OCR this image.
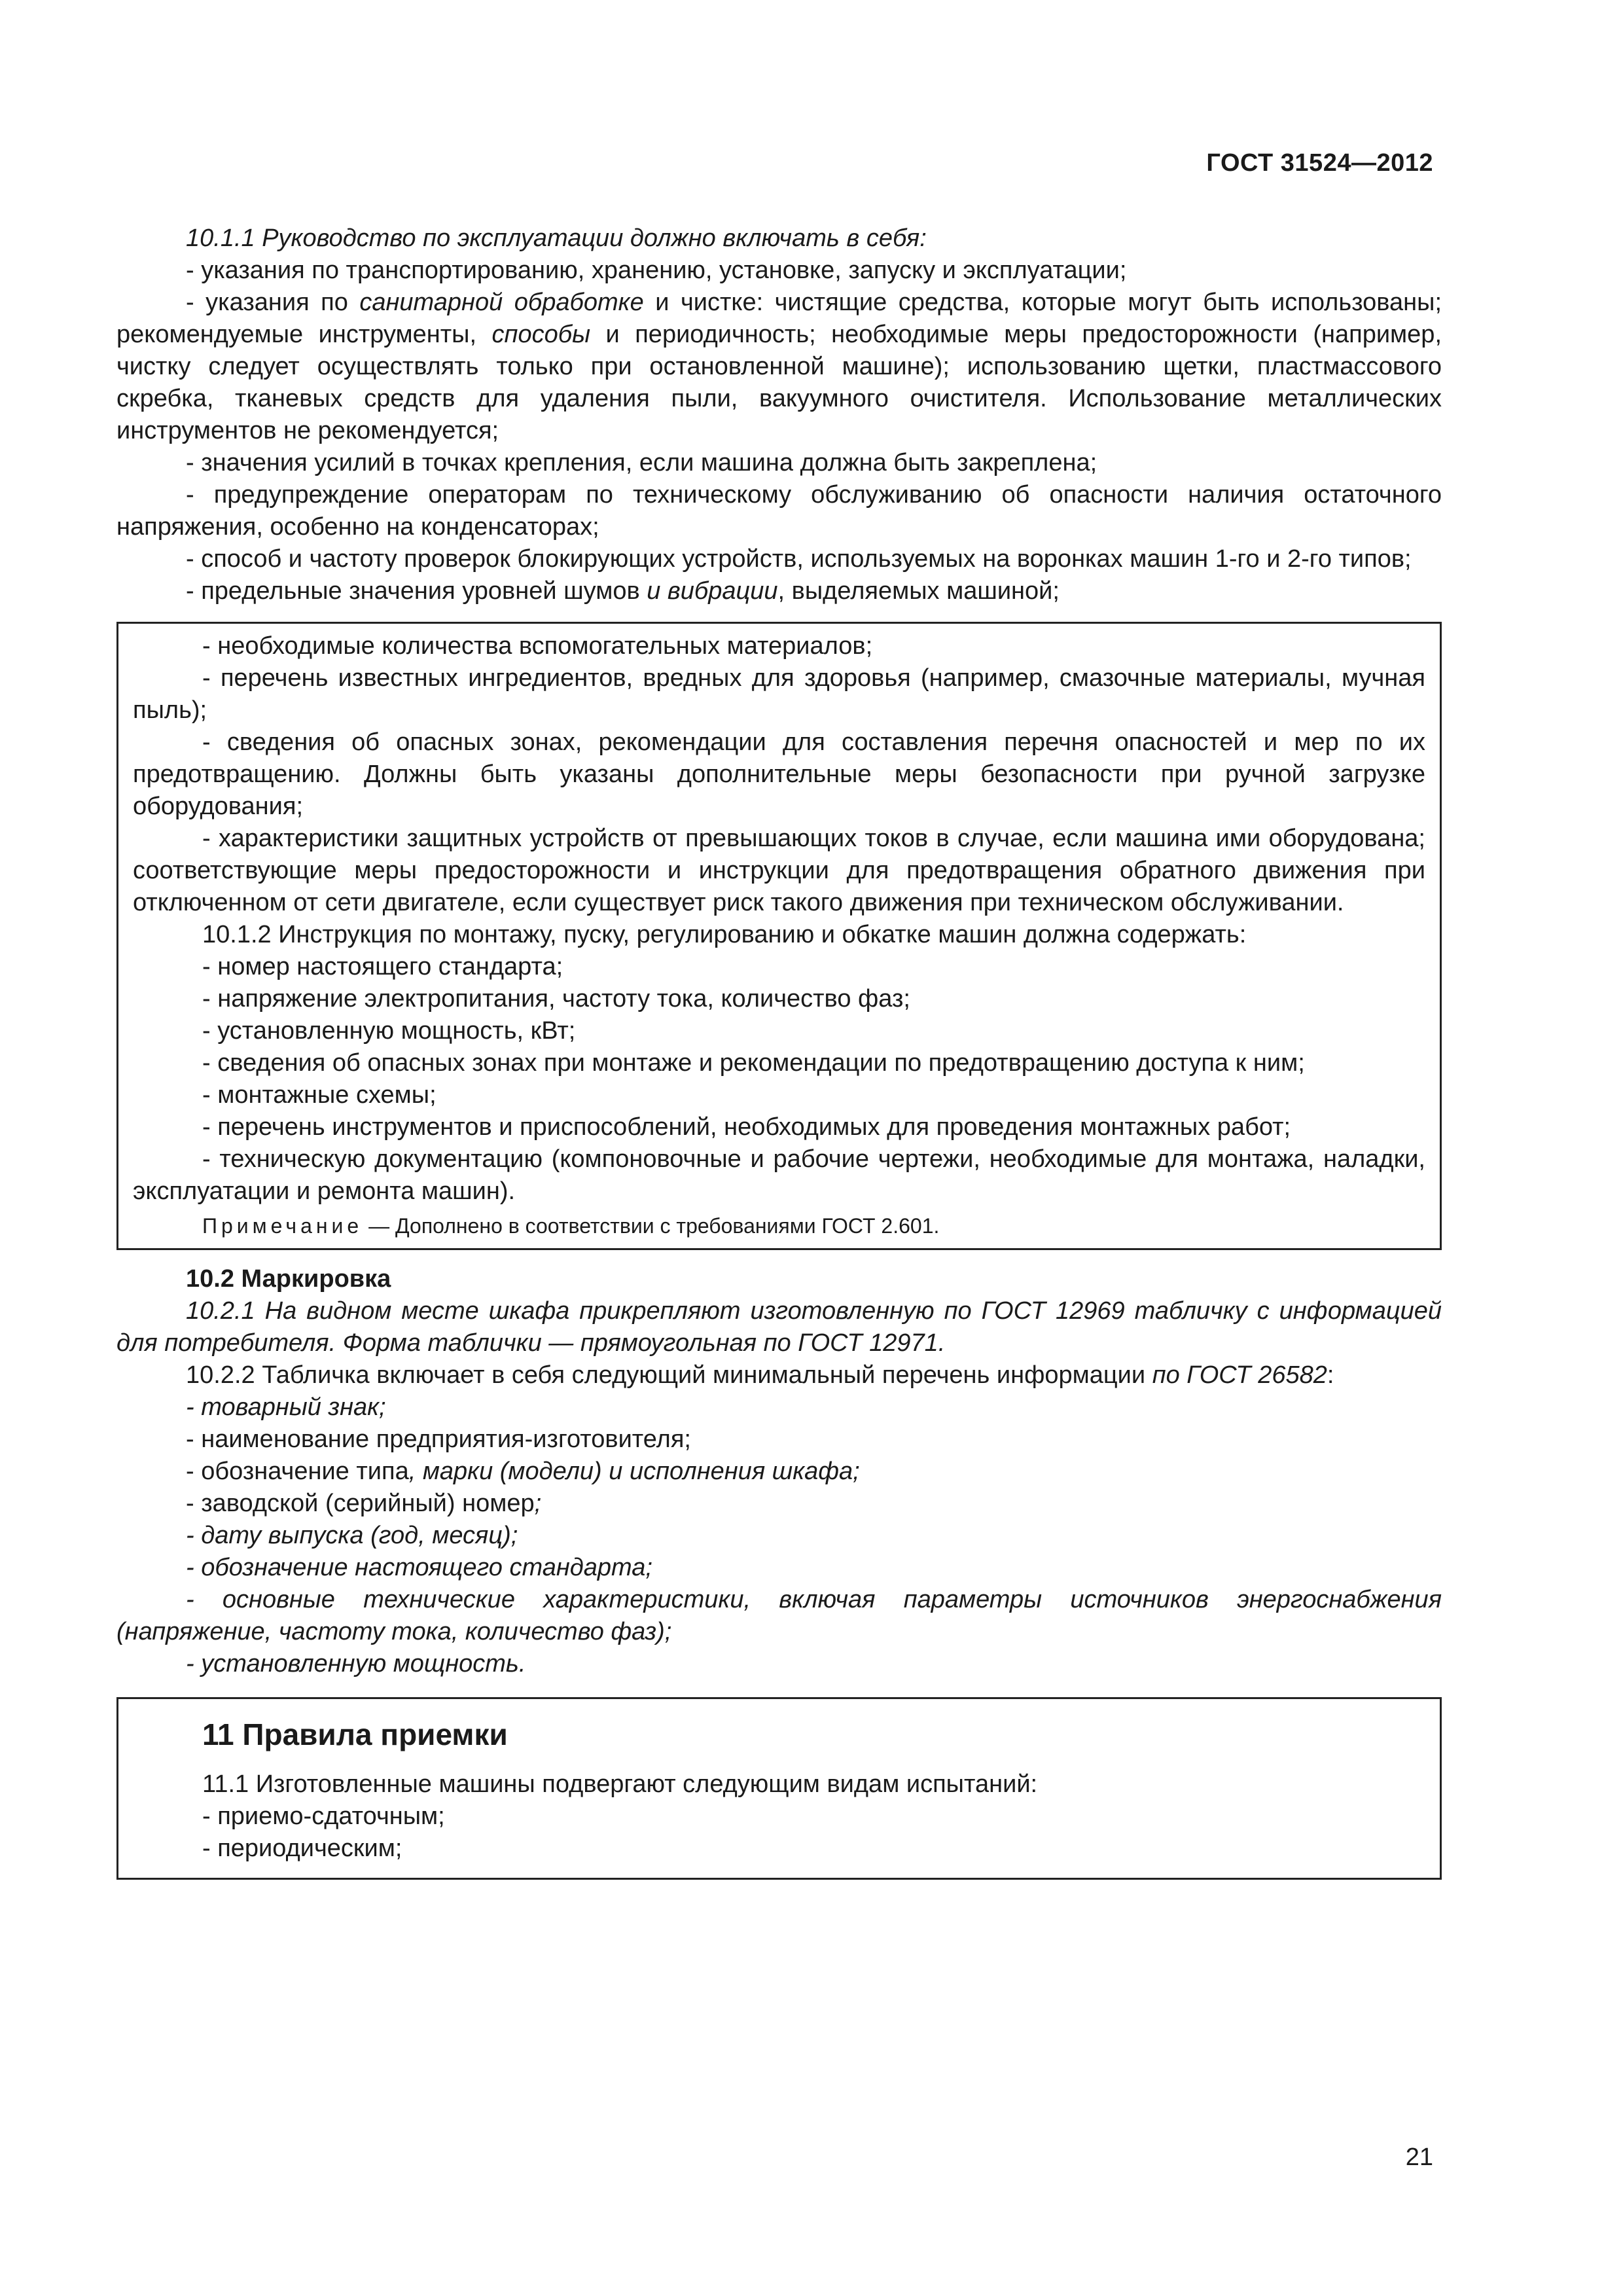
ГОСТ 31524—2012

10.1.1 Руководство по эксплуатации должно включать в себя:

- указания по транспортированию, хранению, установке, запуску и эксплуатации;

- указания по санитарной обработке и чистке: чистящие средства, которые могут быть использованы; рекомендуемые инструменты, способы и периодичность; необходимые меры предосторожности (например, чистку следует осуществлять только при остановленной машине); использованию щетки, пластмассового скребка, тканевых средств для удаления пыли, вакуумного очистителя. Использование металлических инструментов не рекомендуется;

- значения усилий в точках крепления, если машина должна быть закреплена;

- предупреждение операторам по техническому обслуживанию об опасности наличия остаточного напряжения, особенно на конденсаторах;

- способ и частоту проверок блокирующих устройств, используемых на воронках машин 1-го и 2-го типов;

- предельные значения уровней шумов и вибрации, выделяемых машиной;

- необходимые количества вспомогательных материалов;

- перечень известных ингредиентов, вредных для здоровья (например, смазочные материалы, мучная пыль);

- сведения об опасных зонах, рекомендации для составления перечня опасностей и мер по их предотвращению. Должны быть указаны дополнительные меры безопасности при ручной загрузке оборудования;

- характеристики защитных устройств от превышающих токов в случае, если машина ими оборудована; соответствующие меры предосторожности и инструкции для предотвращения обратного движения при отключенном от сети двигателе, если существует риск такого движения при техническом обслуживании.

10.1.2 Инструкция по монтажу, пуску, регулированию и обкатке машин должна содержать:

- номер настоящего стандарта;

- напряжение электропитания, частоту тока, количество фаз;

- установленную мощность, кВт;

- сведения об опасных зонах при монтаже и рекомендации по предотвращению доступа к ним;

- монтажные схемы;

- перечень инструментов и приспособлений, необходимых для проведения монтажных работ;

- техническую документацию (компоновочные и рабочие чертежи, необходимые для монтажа, наладки, эксплуатации и ремонта машин).

Примечание — Дополнено в соответствии с требованиями ГОСТ 2.601.

10.2 Маркировка

10.2.1 На видном месте шкафа прикрепляют изготовленную по ГОСТ 12969 табличку с информацией для потребителя. Форма таблички — прямоугольная по ГОСТ 12971.

10.2.2 Табличка включает в себя следующий минимальный перечень информации по ГОСТ 26582:

- товарный знак;

- наименование предприятия-изготовителя;

- обозначение типа, марки (модели) и исполнения шкафа;

- заводской (серийный) номер;

- дату выпуска (год, месяц);

- обозначение настоящего стандарта;

- основные технические характеристики, включая параметры источников энергоснабжения (напряжение, частоту тока, количество фаз);

- установленную мощность.

11 Правила приемки

11.1 Изготовленные машины подвергают следующим видам испытаний:

- приемо-сдаточным;

- периодическим;

21
